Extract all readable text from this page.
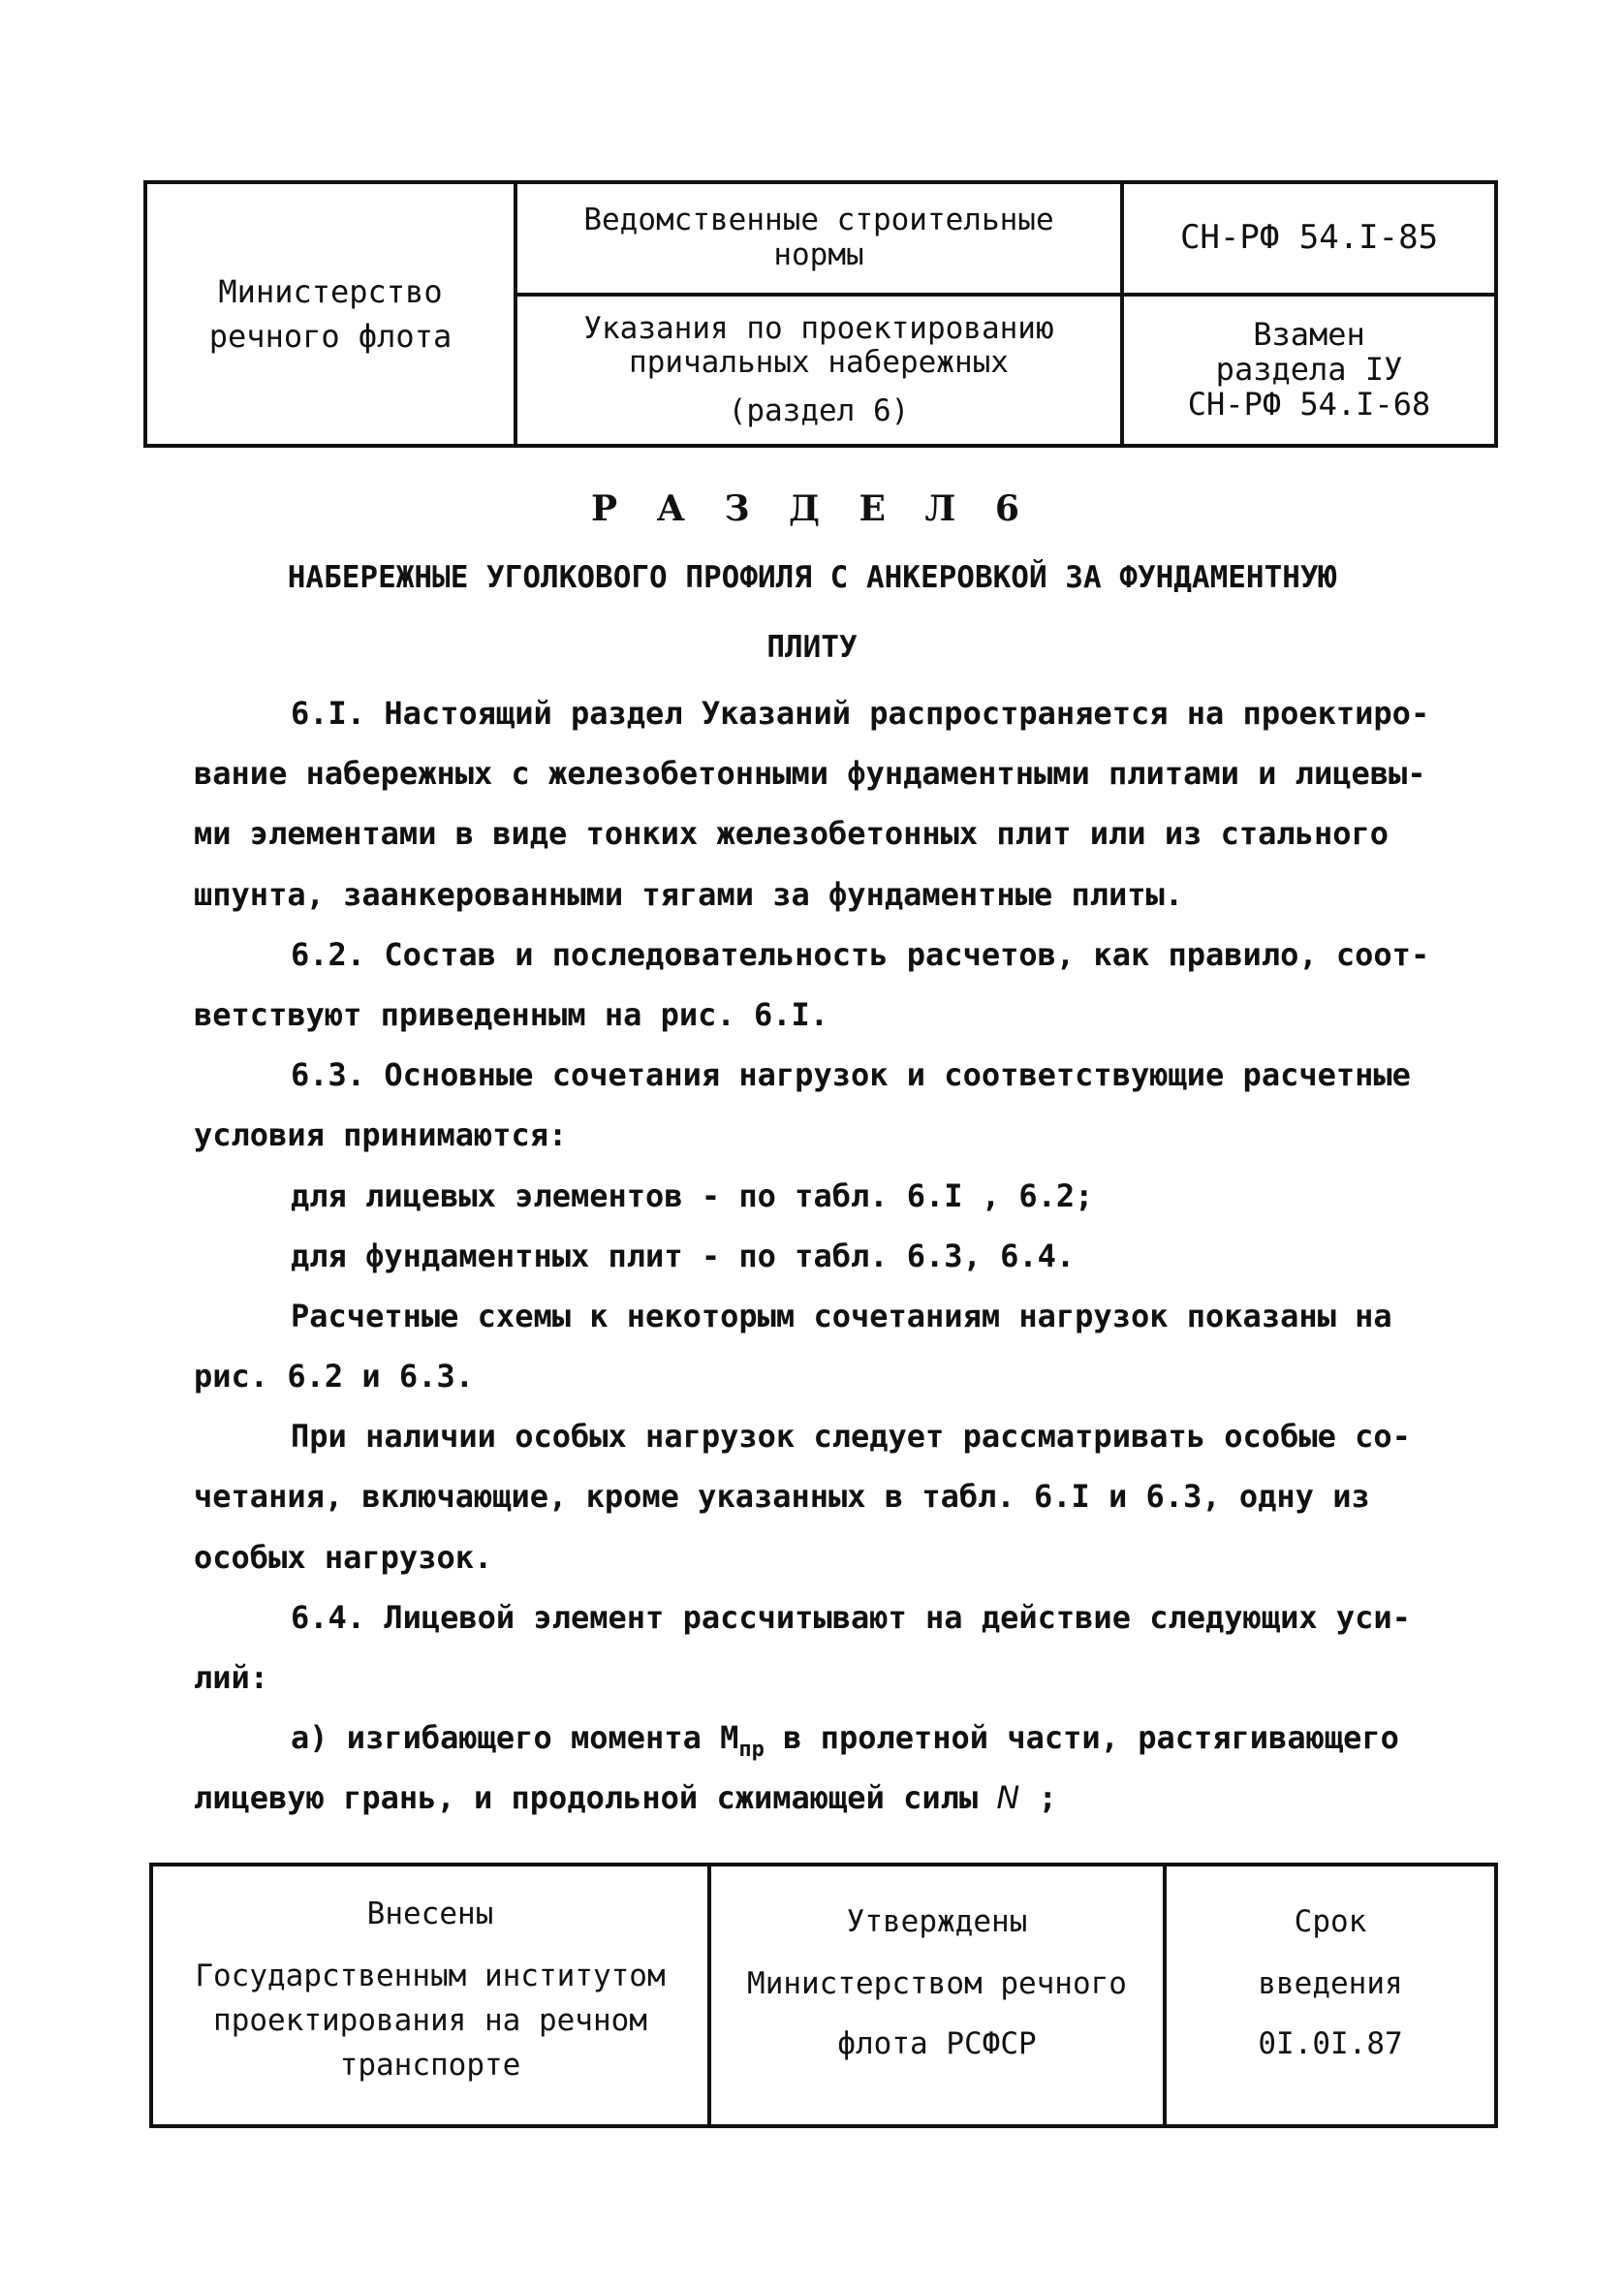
Министерство
речного флота
Ведомственные строительные
нормы	СН-РФ 54.I-85
Указания по проектированию
причальных набережных
(раздел 6)
Взамен
раздела IУ
СН-РФ 54.I-68
Р А З Д Е Л 6
НАБЕРЕЖНЫЕ УГОЛКОВОГО ПРОФИЛЯ С АНКЕРОВКОЙ ЗА ФУНДАМЕНТНУЮ
ПЛИТУ
6.I. Настоящий раздел Указаний распространяется на проектиро-
вание набережных с железобетонными фундаментными плитами и лицевы-
ми элементами в виде тонких железобетонных плит или из стального
шпунта, заанкерованными тягами за фундаментные плиты.
6.2. Состав и последовательность расчетов, как правило, соот-
ветствуют приведенным на рис. 6.I.
6.3. Основные сочетания нагрузок и соответствующие расчетные
условия принимаются:
для лицевых элементов - по табл. 6.I , 6.2;
для фундаментных плит - по табл. 6.3, 6.4.
Расчетные схемы к некоторым сочетаниям нагрузок показаны на
рис. 6.2 и 6.3.
При наличии особых нагрузок следует рассматривать особые со-
четания, включающие, кроме указанных в табл. 6.I и 6.3, одну из
особых нагрузок.
6.4. Лицевой элемент рассчитывают на действие следующих уси-
лий:
а) изгибающего момента $М_{пр}$ в пролетной части, растягивающего
лицевую грань, и продольной сжимающей силы N ;
Внесены
Государственным институтом
проектирования на речном
транспорте
Утверждены
Министерством речного
флота РСФСР
Срок
введения
0I.0I.87
